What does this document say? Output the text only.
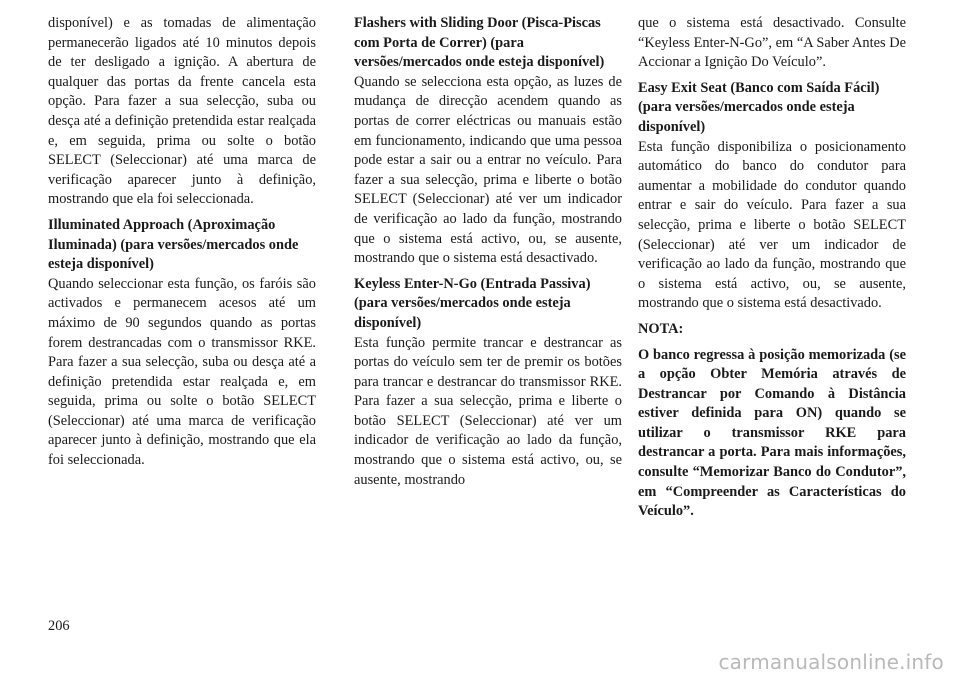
disponível) e as tomadas de alimentação permanecerão ligados até 10 minutos depois de ter desligado a ignição. A abertura de qualquer das portas da frente cancela esta opção. Para fazer a sua selecção, suba ou desça até a definição pretendida estar realçada e, em seguida, prima ou solte o botão SELECT (Seleccionar) até uma marca de verificação aparecer junto à definição, mostrando que ela foi seleccionada.

Illuminated Approach (Aproximação Iluminada) (para versões/mercados onde esteja disponível)

Quando seleccionar esta função, os faróis são activados e permanecem acesos até um máximo de 90 segundos quando as portas forem destrancadas com o transmissor RKE. Para fazer a sua selecção, suba ou desça até a definição pretendida estar realçada e, em seguida, prima ou solte o botão SELECT (Seleccionar) até uma marca de verificação aparecer junto à definição, mostrando que ela foi seleccionada.

Flashers with Sliding Door (Pisca-Piscas com Porta de Correr) (para versões/mercados onde esteja disponível)

Quando se selecciona esta opção, as luzes de mudança de direcção acendem quando as portas de correr eléctricas ou manuais estão em funcionamento, indicando que uma pessoa pode estar a sair ou a entrar no veículo. Para fazer a sua selecção, prima e liberte o botão SELECT (Seleccionar) até ver um indicador de verificação ao lado da função, mostrando que o sistema está activo, ou, se ausente, mostrando que o sistema está desactivado.

Keyless Enter-N-Go (Entrada Passiva) (para versões/mercados onde esteja disponível)

Esta função permite trancar e destrancar as portas do veículo sem ter de premir os botões para trancar e destrancar do transmissor RKE. Para fazer a sua selecção, prima e liberte o botão SELECT (Seleccionar) até ver um indicador de verificação ao lado da função, mostrando que o sistema está activo, ou, se ausente, mostrando

que o sistema está desactivado. Consulte “Keyless Enter-N-Go”, em “A Saber Antes De Accionar a Ignição Do Veículo”.

Easy Exit Seat (Banco com Saída Fácil) (para versões/mercados onde esteja disponível)

Esta função disponibiliza o posicionamento automático do banco do condutor para aumentar a mobilidade do condutor quando entrar e sair do veículo. Para fazer a sua selecção, prima e liberte o botão SELECT (Seleccionar) até ver um indicador de verificação ao lado da função, mostrando que o sistema está activo, ou, se ausente, mostrando que o sistema está desactivado.

NOTA:

O banco regressa à posição memorizada (se a opção Obter Memória através de Destrancar por Comando à Distância estiver definida para ON) quando se utilizar o transmissor RKE para destrancar a porta. Para mais informações, consulte “Memorizar Banco do Condutor”, em “Compreender as Características do Veículo”.

206
carmanualsonline.info
